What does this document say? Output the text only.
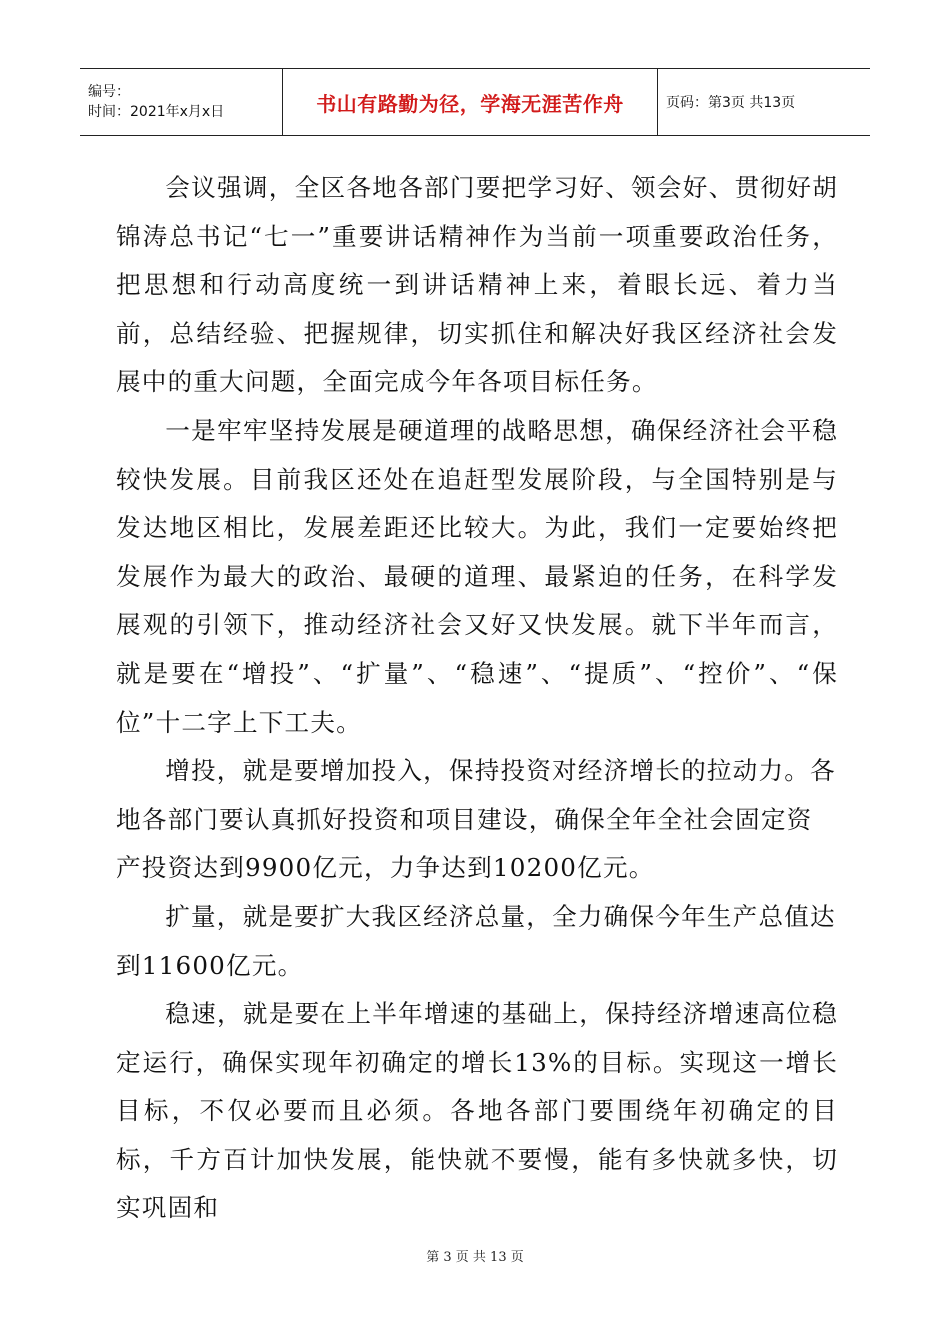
编号：
时间：2021年x月x日	书山有路勤为径，学海无涯苦作舟	页码：第3页 共13页

会议强调，全区各地各部门要把学习好、领会好、贯彻好胡锦涛总书记“七一”重要讲话精神作为当前一项重要政治任务，把思想和行动高度统一到讲话精神上来，着眼长远、着力当前，总结经验、把握规律，切实抓住和解决好我区经济社会发展中的重大问题，全面完成今年各项目标任务。

一是牢牢坚持发展是硬道理的战略思想，确保经济社会平稳较快发展。目前我区还处在追赶型发展阶段，与全国特别是与发达地区相比，发展差距还比较大。为此，我们一定要始终把发展作为最大的政治、最硬的道理、最紧迫的任务，在科学发展观的引领下，推动经济社会又好又快发展。就下半年而言，就是要在“增投”、“扩量”、“稳速”、“提质”、“控价”、“保位”十二字上下工夫。

增投，就是要增加投入，保持投资对经济增长的拉动力。各地各部门要认真抓好投资和项目建设，确保全年全社会固定资产投资达到9900亿元，力争达到10200亿元。

扩量，就是要扩大我区经济总量，全力确保今年生产总值达到11600亿元。

稳速，就是要在上半年增速的基础上，保持经济增速高位稳定运行，确保实现年初确定的增长13%的目标。实现这一增长目标，不仅必要而且必须。各地各部门要围绕年初确定的目标，千方百计加快发展，能快就不要慢，能有多快就多快，切实巩固和

第 3 页 共 13 页
